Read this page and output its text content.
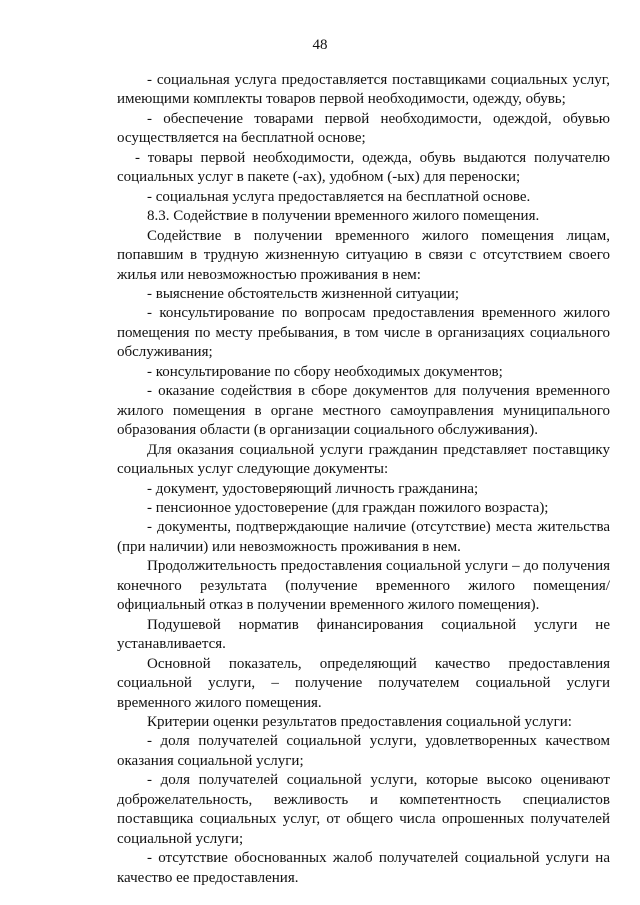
48

- социальная услуга предоставляется поставщиками социальных услуг, имеющими комплекты товаров первой необходимости, одежду, обувь;

- обеспечение товарами первой необходимости, одеждой, обувью осуществляется на бесплатной основе;

- товары первой необходимости, одежда, обувь выдаются получателю социальных услуг в пакете (-ах), удобном (-ых) для переноски;

- социальная услуга предоставляется на бесплатной основе.

8.3. Содействие в получении временного жилого помещения.

Содействие в получении временного жилого помещения лицам, попавшим в трудную жизненную ситуацию в связи с отсутствием своего жилья или невозможностью проживания в нем:

- выяснение обстоятельств жизненной ситуации;

- консультирование по вопросам предоставления временного жилого помещения по месту пребывания, в том числе в организациях социального обслуживания;

- консультирование по сбору необходимых документов;

- оказание содействия в сборе документов для получения временного жилого помещения в органе местного самоуправления муниципального образования области (в организации социального обслуживания).

Для оказания социальной услуги гражданин представляет поставщику социальных услуг следующие документы:

- документ, удостоверяющий личность гражданина;

- пенсионное удостоверение (для граждан пожилого возраста);

- документы, подтверждающие наличие (отсутствие) места жительства (при наличии) или невозможность проживания в нем.

Продолжительность предоставления социальной услуги – до получения конечного результата (получение временного жилого помещения/ официальный отказ в получении временного жилого помещения).

Подушевой норматив финансирования социальной услуги не устанавливается.

Основной показатель, определяющий качество предоставления социальной услуги, – получение получателем социальной услуги временного жилого помещения.

Критерии оценки результатов предоставления социальной услуги:

- доля получателей социальной услуги, удовлетворенных качеством оказания социальной услуги;

- доля получателей социальной услуги, которые высоко оценивают доброжелательность, вежливость и компетентность специалистов поставщика социальных услуг, от общего числа опрошенных получателей социальной услуги;

- отсутствие обоснованных жалоб получателей социальной услуги на качество ее предоставления.
